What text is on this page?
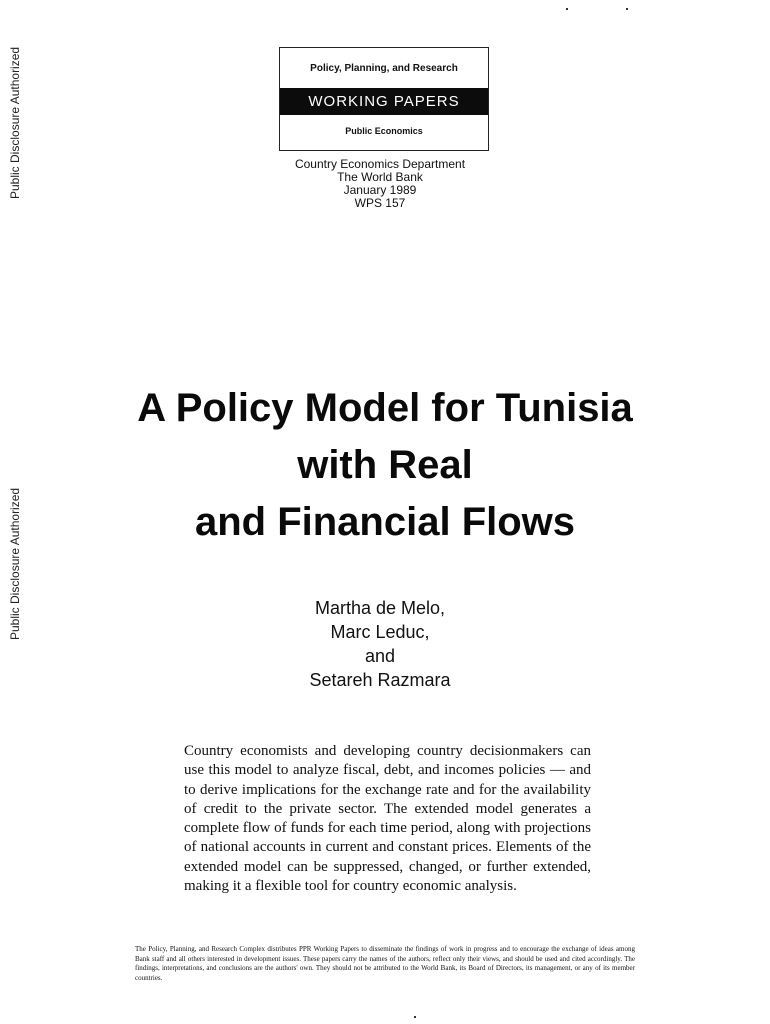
Public Disclosure Authorized
Public Disclosure Authorized
Policy, Planning, and Research
WORKING PAPERS
Public Economics
Country Economics Department
The World Bank
January 1989
WPS 157
A Policy Model for Tunisia
with Real
and Financial Flows
Martha de Melo,
Marc Leduc,
and
Setareh Razmara
Country economists and developing country decisionmakers can use this model to analyze fiscal, debt, and incomes policies — and to derive implications for the exchange rate and for the availability of credit to the private sector. The extended model generates a complete flow of funds for each time period, along with projections of national accounts in current and constant prices. Elements of the extended model can be suppressed, changed, or further extended, making it a flexible tool for country economic analysis.
The Policy, Planning, and Research Complex distributes PPR Working Papers to disseminate the findings of work in progress and to encourage the exchange of ideas among Bank staff and all others interested in development issues. These papers carry the names of the authors, reflect only their views, and should be used and cited accordingly. The findings, interpretations, and conclusions are the authors' own. They should not be attributed to the World Bank, its Board of Directors, its management, or any of its member countries.
